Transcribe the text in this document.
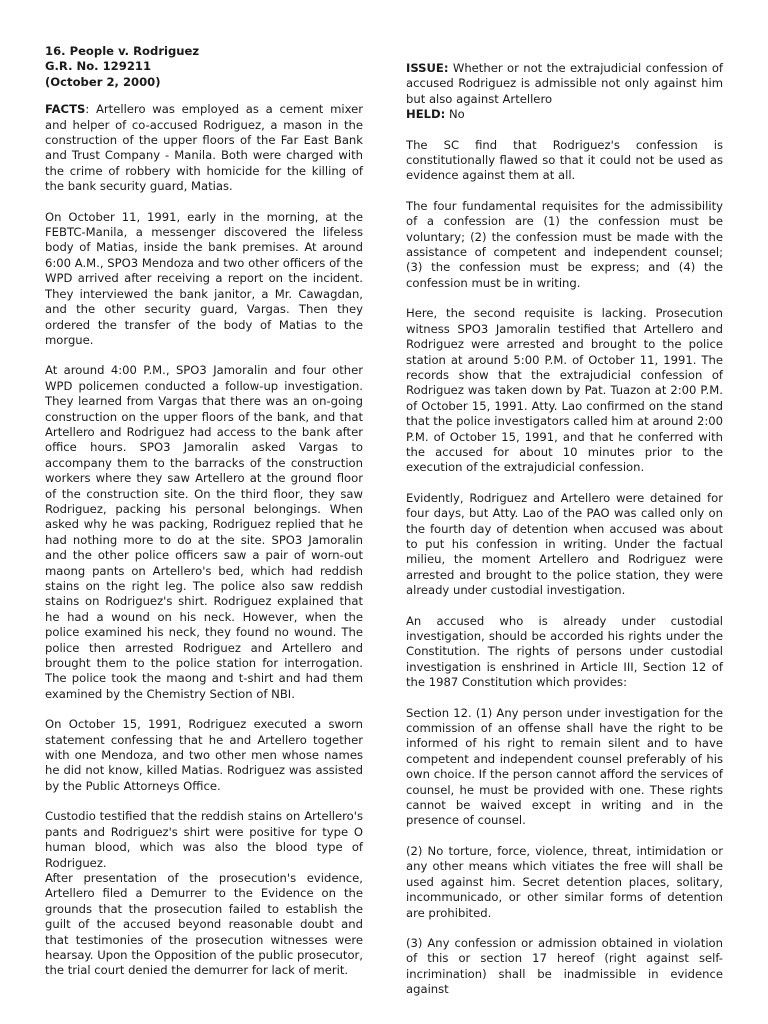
16. People v. Rodriguez

G.R. No. 129211

(October 2, 2000)

FACTS: Artellero was employed as a cement mixer and helper of co-accused Rodriguez, a mason in the construction of the upper floors of the Far East Bank and Trust Company - Manila. Both were charged with the crime of robbery with homicide for the killing of the bank security guard, Matias.

On October 11, 1991, early in the morning, at the FEBTC-Manila, a messenger discovered the lifeless body of Matias, inside the bank premises. At around 6:00 A.M., SPO3 Mendoza and two other officers of the WPD arrived after receiving a report on the incident. They interviewed the bank janitor, a Mr. Cawagdan, and the other security guard, Vargas. Then they ordered the transfer of the body of Matias to the morgue.

At around 4:00 P.M., SPO3 Jamoralin and four other WPD policemen conducted a follow-up investigation. They learned from Vargas that there was an on-going construction on the upper floors of the bank, and that Artellero and Rodriguez had access to the bank after office hours. SPO3 Jamoralin asked Vargas to accompany them to the barracks of the construction workers where they saw Artellero at the ground floor of the construction site. On the third floor, they saw Rodriguez, packing his personal belongings. When asked why he was packing, Rodriguez replied that he had nothing more to do at the site. SPO3 Jamoralin and the other police officers saw a pair of worn-out maong pants on Artellero's bed, which had reddish stains on the right leg. The police also saw reddish stains on Rodriguez's shirt. Rodriguez explained that he had a wound on his neck. However, when the police examined his neck, they found no wound. The police then arrested Rodriguez and Artellero and brought them to the police station for interrogation. The police took the maong and t-shirt and had them examined by the Chemistry Section of NBI.

On October 15, 1991, Rodriguez executed a sworn statement confessing that he and Artellero together with one Mendoza, and two other men whose names he did not know, killed Matias. Rodriguez was assisted by the Public Attorneys Office.

Custodio testified that the reddish stains on Artellero's pants and Rodriguez's shirt were positive for type O human blood, which was also the blood type of Rodriguez.

After presentation of the prosecution's evidence, Artellero filed a Demurrer to the Evidence on the grounds that the prosecution failed to establish the guilt of the accused beyond reasonable doubt and that testimonies of the prosecution witnesses were hearsay. Upon the Opposition of the public prosecutor, the trial court denied the demurrer for lack of merit.

ISSUE: Whether or not the extrajudicial confession of accused Rodriguez is admissible not only against him but also against Artellero

HELD: No

The SC find that Rodriguez's confession is constitutionally flawed so that it could not be used as evidence against them at all.

The four fundamental requisites for the admissibility of a confession are (1) the confession must be voluntary; (2) the confession must be made with the assistance of competent and independent counsel; (3) the confession must be express; and (4) the confession must be in writing.

Here, the second requisite is lacking. Prosecution witness SPO3 Jamoralin testified that Artellero and Rodriguez were arrested and brought to the police station at around 5:00 P.M. of October 11, 1991. The records show that the extrajudicial confession of Rodriguez was taken down by Pat. Tuazon at 2:00 P.M. of October 15, 1991. Atty. Lao confirmed on the stand that the police investigators called him at around 2:00 P.M. of October 15, 1991, and that he conferred with the accused for about 10 minutes prior to the execution of the extrajudicial confession.

Evidently, Rodriguez and Artellero were detained for four days, but Atty. Lao of the PAO was called only on the fourth day of detention when accused was about to put his confession in writing. Under the factual milieu, the moment Artellero and Rodriguez were arrested and brought to the police station, they were already under custodial investigation.

An accused who is already under custodial investigation, should be accorded his rights under the Constitution. The rights of persons under custodial investigation is enshrined in Article III, Section 12 of the 1987 Constitution which provides:

Section 12. (1) Any person under investigation for the commission of an offense shall have the right to be informed of his right to remain silent and to have competent and independent counsel preferably of his own choice. If the person cannot afford the services of counsel, he must be provided with one. These rights cannot be waived except in writing and in the presence of counsel.

(2) No torture, force, violence, threat, intimidation or any other means which vitiates the free will shall be used against him. Secret detention places, solitary, incommunicado, or other similar forms of detention are prohibited.

(3) Any confession or admission obtained in violation of this or section 17 hereof (right against self-incrimination) shall be inadmissible in evidence against
